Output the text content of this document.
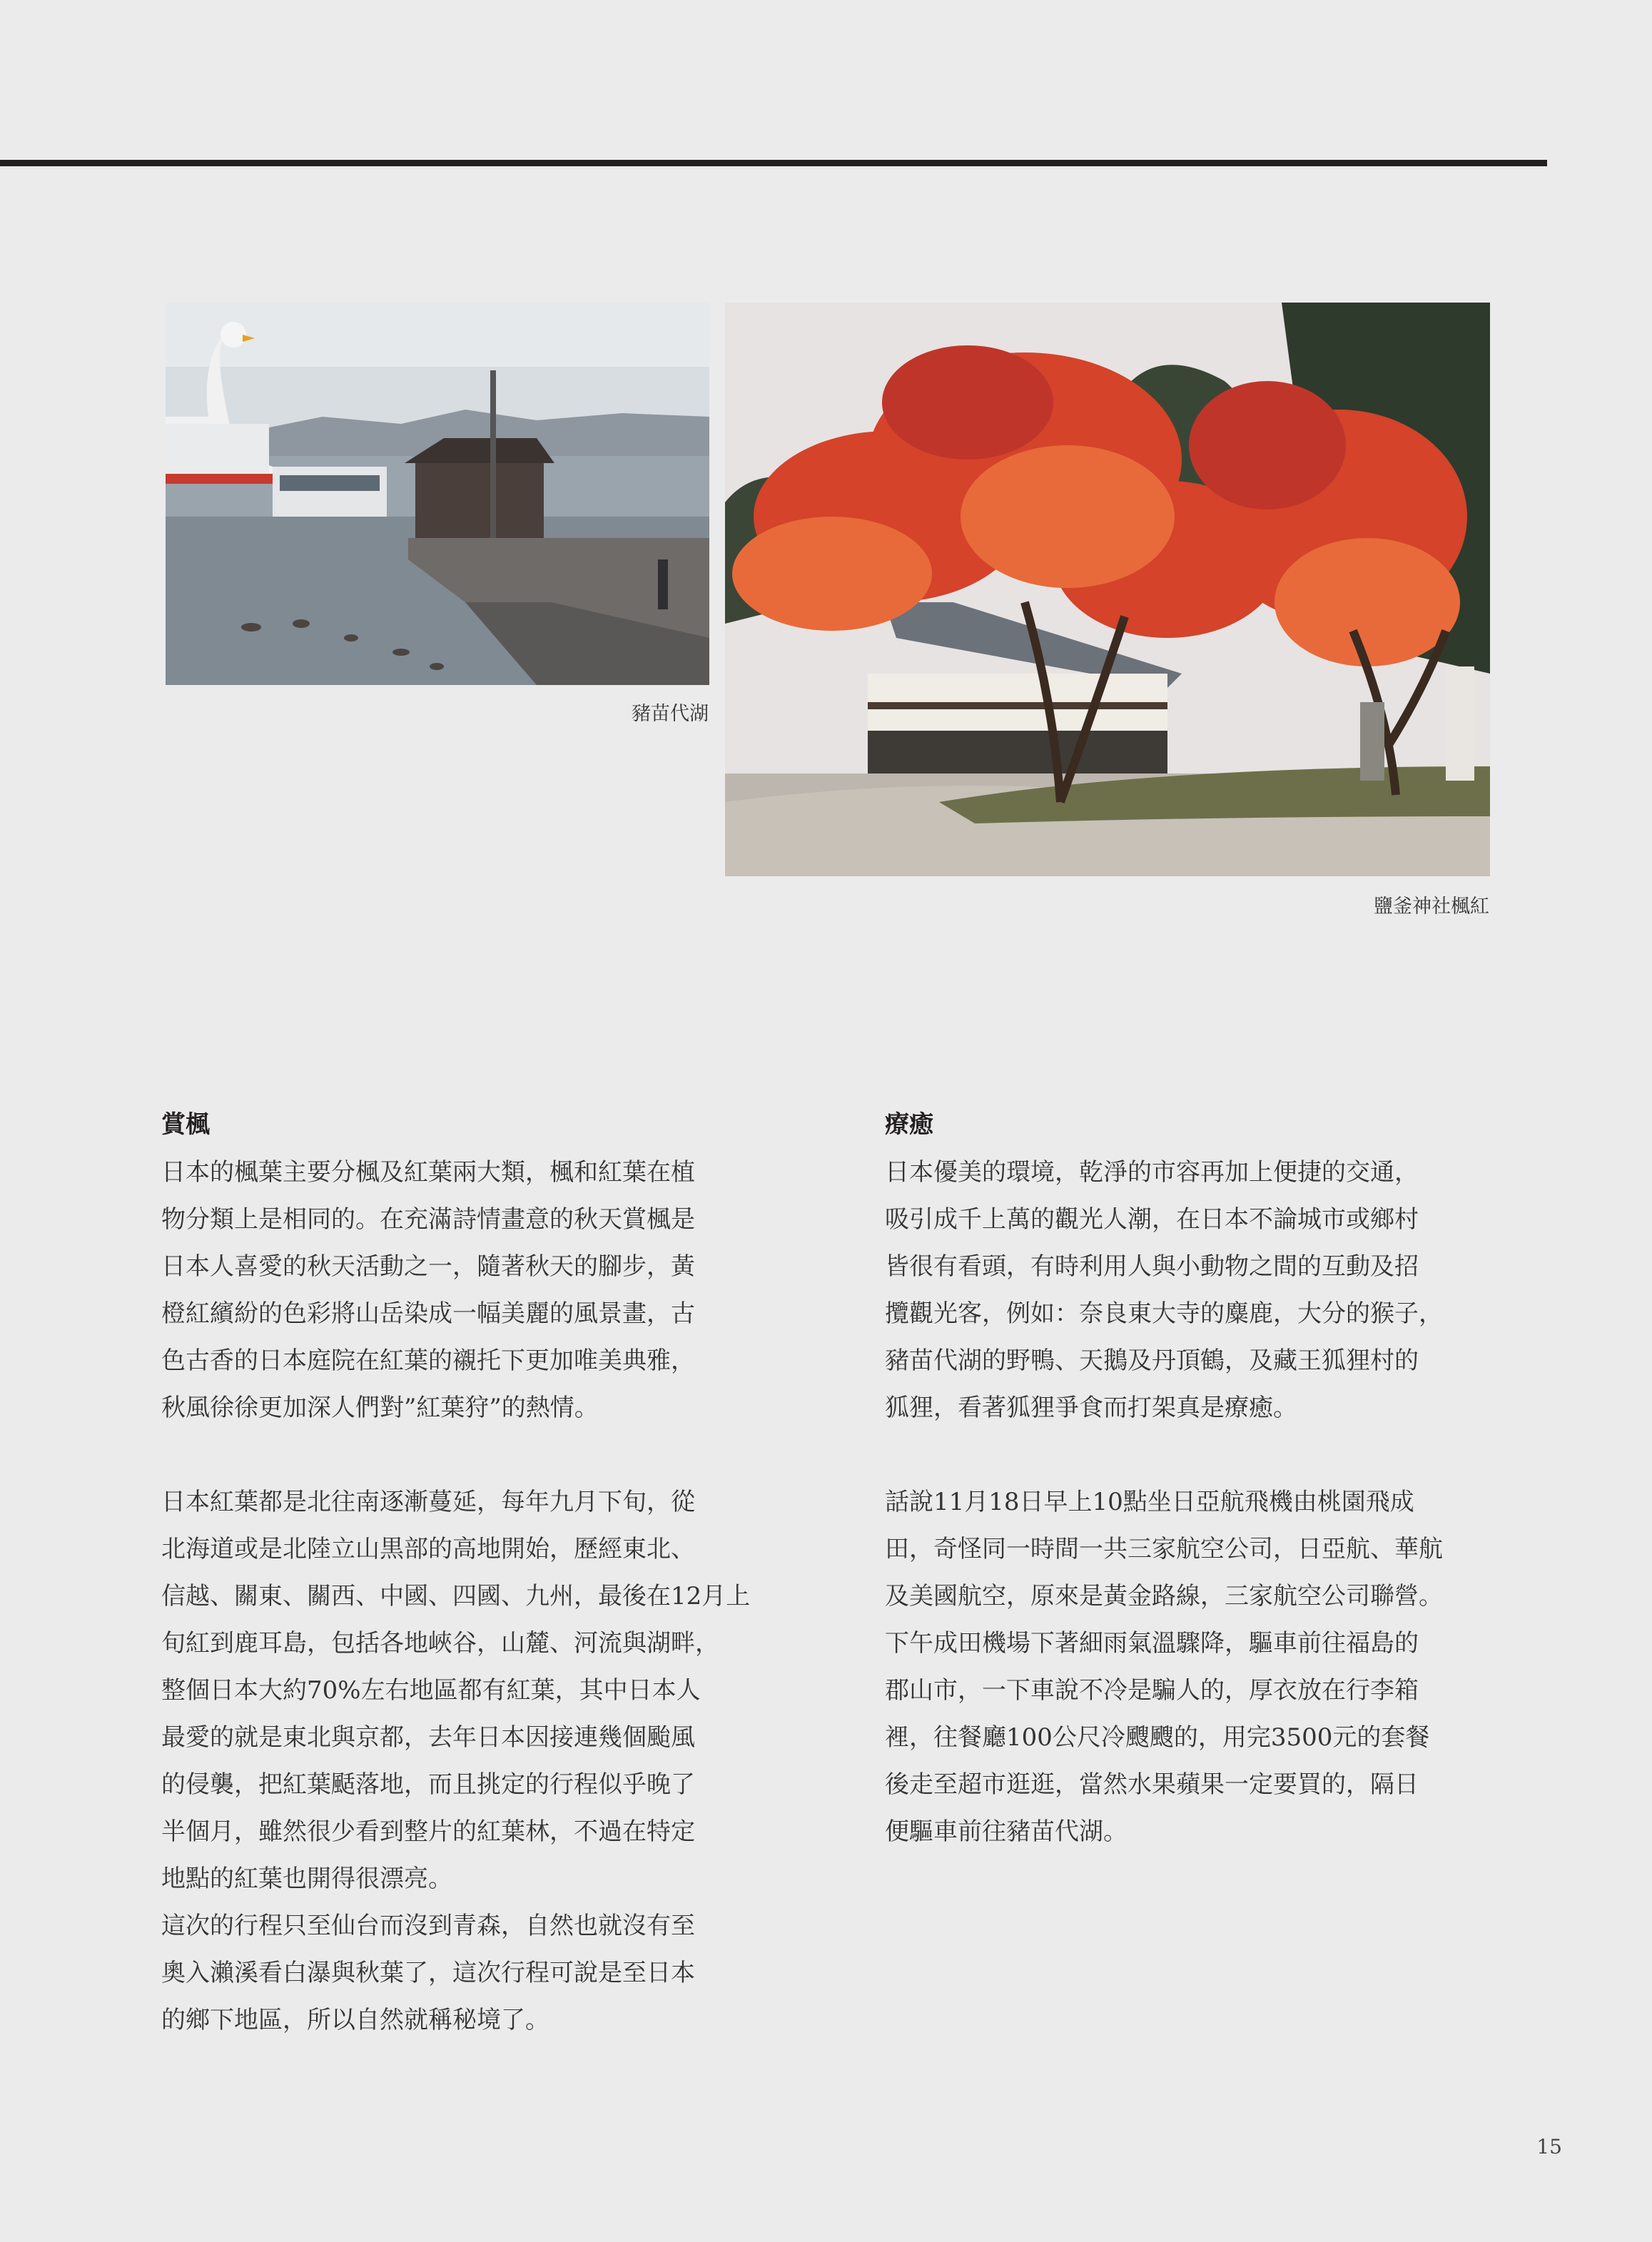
豬苗代湖
鹽釜神社楓紅
賞楓

日本的楓葉主要分楓及紅葉兩大類，楓和紅葉在植
物分類上是相同的。在充滿詩情畫意的秋天賞楓是
日本人喜愛的秋天活動之一，隨著秋天的腳步，黃
橙紅繽紛的色彩將山岳染成一幅美麗的風景畫，古
色古香的日本庭院在紅葉的襯托下更加唯美典雅，
秋風徐徐更加深人們對”紅葉狩”的熱情。

日本紅葉都是北往南逐漸蔓延，每年九月下旬，從
北海道或是北陸立山黒部的高地開始，歷經東北、
信越、關東、關西、中國、四國、九州，最後在12月上
旬紅到鹿耳島，包括各地峽谷，山麓、河流與湖畔，
整個日本大約70%左右地區都有紅葉，其中日本人
最愛的就是東北與京都，去年日本因接連幾個颱風
的侵襲，把紅葉颳落地，而且挑定的行程似乎晚了
半個月，雖然很少看到整片的紅葉林，不過在特定
地點的紅葉也開得很漂亮。

這次的行程只至仙台而沒到青森，自然也就沒有至
奧入瀨溪看白瀑與秋葉了，這次行程可說是至日本
的鄉下地區，所以自然就稱秘境了。

療癒

日本優美的環境，乾淨的市容再加上便捷的交通，
吸引成千上萬的觀光人潮，在日本不論城市或鄉村
皆很有看頭，有時利用人與小動物之間的互動及招
攬觀光客，例如：奈良東大寺的麋鹿，大分的猴子，
豬苗代湖的野鴨、天鵝及丹頂鶴，及藏王狐狸村的
狐狸，看著狐狸爭食而打架真是療癒。

話說11月18日早上10點坐日亞航飛機由桃園飛成
田，奇怪同一時間一共三家航空公司，日亞航、華航
及美國航空，原來是黃金路線，三家航空公司聯營。
下午成田機場下著細雨氣溫驟降，驅車前往福島的
郡山市，一下車說不冷是騙人的，厚衣放在行李箱
裡，往餐廳100公尺冷颼颼的，用完3500元的套餐
後走至超市逛逛，當然水果蘋果一定要買的，隔日
便驅車前往豬苗代湖。

15
